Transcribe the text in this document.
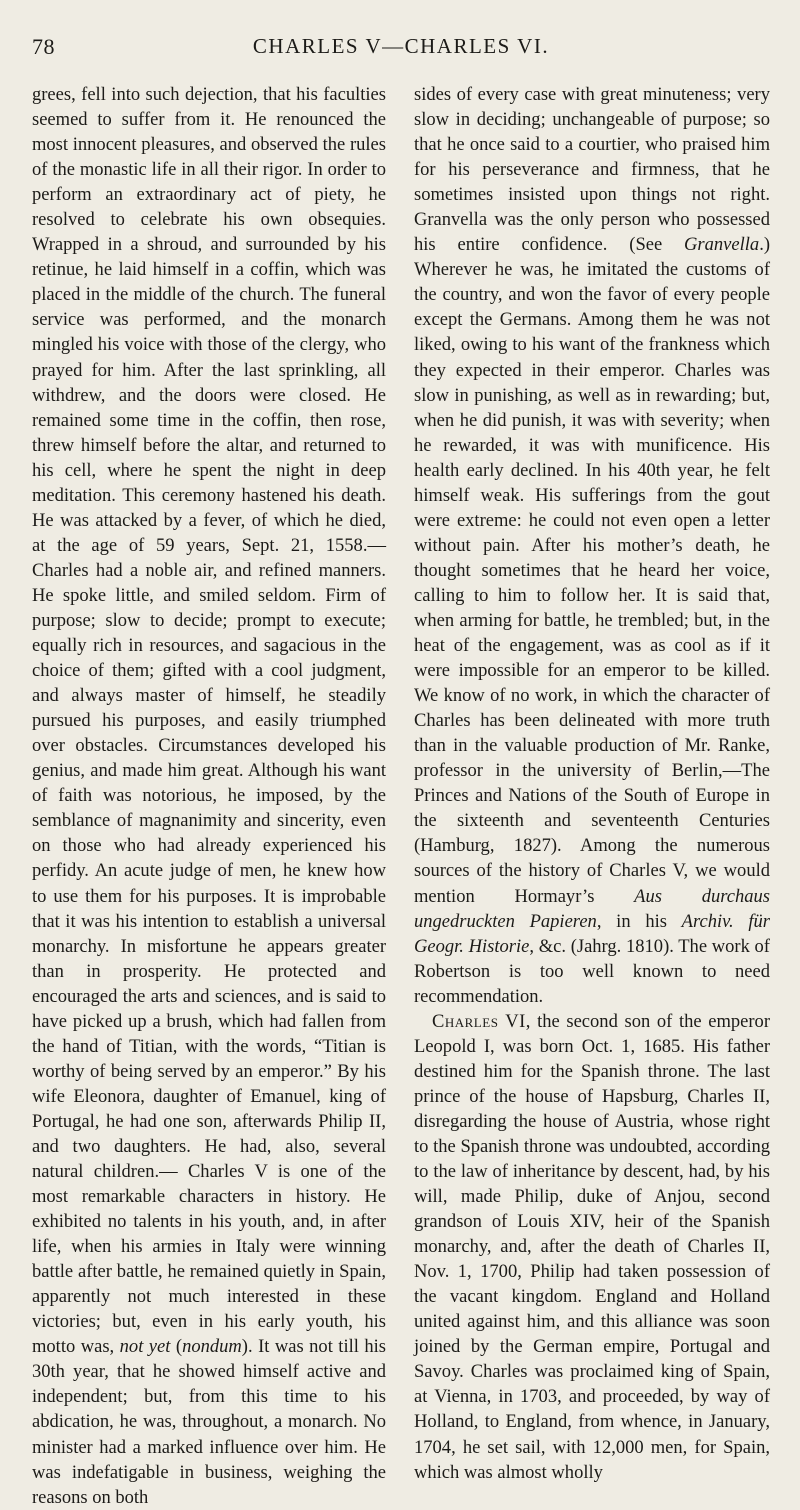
78	CHARLES V—CHARLES VI.

grees, fell into such dejection, that his faculties seemed to suffer from it. He renounced the most innocent pleasures, and observed the rules of the monastic life in all their rigor. In order to perform an extraordinary act of piety, he resolved to celebrate his own obsequies. Wrapped in a shroud, and surrounded by his retinue, he laid himself in a coffin, which was placed in the middle of the church. The funeral service was performed, and the monarch mingled his voice with those of the clergy, who prayed for him. After the last sprinkling, all withdrew, and the doors were closed. He remained some time in the coffin, then rose, threw himself before the altar, and returned to his cell, where he spent the night in deep meditation. This ceremony hastened his death. He was attacked by a fever, of which he died, at the age of 59 years, Sept. 21, 1558.— Charles had a noble air, and refined manners. He spoke little, and smiled seldom. Firm of purpose; slow to decide; prompt to execute; equally rich in resources, and sagacious in the choice of them; gifted with a cool judgment, and always master of himself, he steadily pursued his purposes, and easily triumphed over obstacles. Circumstances developed his genius, and made him great. Although his want of faith was notorious, he imposed, by the semblance of magnanimity and sincerity, even on those who had already experienced his perfidy. An acute judge of men, he knew how to use them for his purposes. It is improbable that it was his intention to establish a universal monarchy. In misfortune he appears greater than in prosperity. He protected and encouraged the arts and sciences, and is said to have picked up a brush, which had fallen from the hand of Titian, with the words, “Titian is worthy of being served by an emperor.” By his wife Eleonora, daughter of Emanuel, king of Portugal, he had one son, afterwards Philip II, and two daughters. He had, also, several natural children.— Charles V is one of the most remarkable characters in history. He exhibited no talents in his youth, and, in after life, when his armies in Italy were winning battle after battle, he remained quietly in Spain, apparently not much interested in these victories; but, even in his early youth, his motto was, not yet (nondum). It was not till his 30th year, that he showed himself active and independent; but, from this time to his abdication, he was, throughout, a monarch. No minister had a marked influence over him. He was indefatigable in business, weighing the reasons on both

sides of every case with great minuteness; very slow in deciding; unchangeable of purpose; so that he once said to a courtier, who praised him for his perseverance and firmness, that he sometimes insisted upon things not right. Granvella was the only person who possessed his entire confidence. (See Granvella.) Wherever he was, he imitated the customs of the country, and won the favor of every people except the Germans. Among them he was not liked, owing to his want of the frankness which they expected in their emperor. Charles was slow in punishing, as well as in rewarding; but, when he did punish, it was with severity; when he rewarded, it was with munificence. His health early declined. In his 40th year, he felt himself weak. His sufferings from the gout were extreme: he could not even open a letter without pain. After his mother’s death, he thought sometimes that he heard her voice, calling to him to follow her. It is said that, when arming for battle, he trembled; but, in the heat of the engagement, was as cool as if it were impossible for an emperor to be killed. We know of no work, in which the character of Charles has been delineated with more truth than in the valuable production of Mr. Ranke, professor in the university of Berlin,—The Princes and Nations of the South of Europe in the sixteenth and seventeenth Centuries (Hamburg, 1827). Among the numerous sources of the history of Charles V, we would mention Hormayr’s Aus durchaus ungedruckten Papieren, in his Archiv. für Geogr. Historie, &c. (Jahrg. 1810). The work of Robertson is too well known to need recommendation.

Charles VI, the second son of the emperor Leopold I, was born Oct. 1, 1685. His father destined him for the Spanish throne. The last prince of the house of Hapsburg, Charles II, disregarding the house of Austria, whose right to the Spanish throne was undoubted, according to the law of inheritance by descent, had, by his will, made Philip, duke of Anjou, second grandson of Louis XIV, heir of the Spanish monarchy, and, after the death of Charles II, Nov. 1, 1700, Philip had taken possession of the vacant kingdom. England and Holland united against him, and this alliance was soon joined by the German empire, Portugal and Savoy. Charles was proclaimed king of Spain, at Vienna, in 1703, and proceeded, by way of Holland, to England, from whence, in January, 1704, he set sail, with 12,000 men, for Spain, which was almost wholly
